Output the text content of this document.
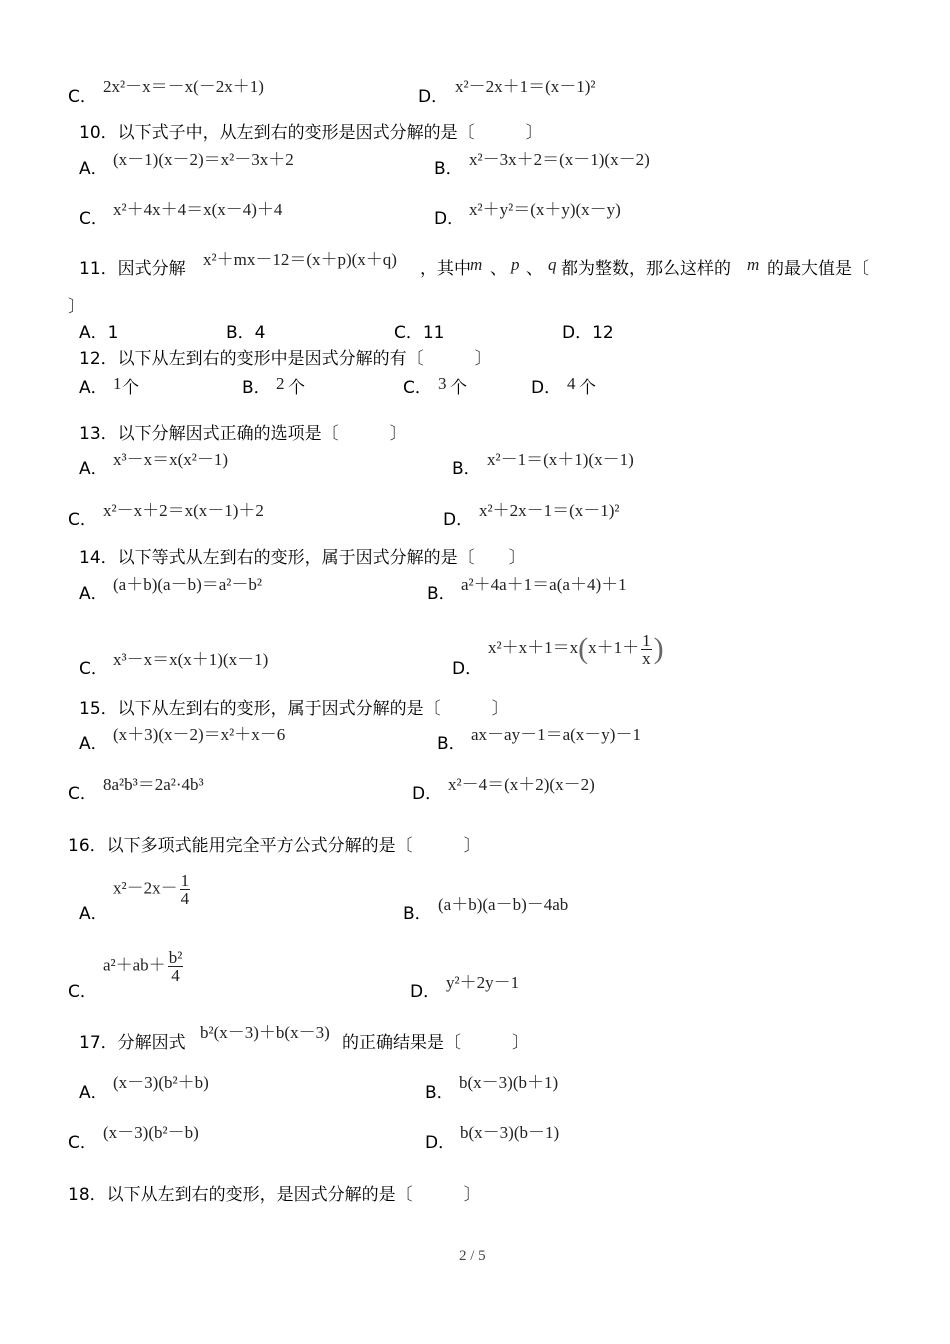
C．
2x²－x＝－x(－2x＋1)
D．
x²－2x＋1＝(x－1)²
10．以下式子中，从左到右的变形是因式分解的是〔　　　〕
A． (x－1)(x－2)＝x²－3x＋2	B． x²－3x＋2＝(x－1)(x－2)
C． x²＋4x＋4＝x(x－4)＋4	D． x²＋y²＝(x＋y)(x－y)
11．因式分解 x²＋mx－12＝(x＋p)(x＋q) ，其中 m 、 p 、 q 都为整数，那么这样的 m 的最大值是〔
〕
A．1	B．4	C．11	D．12
12．以下从左到右的变形中是因式分解的有〔　　　〕
A． 1 个	B． 2 个	C． 3 个	D． 4 个
13．以下分解因式正确的选项是〔　　　〕
A． x³－x＝x(x²－1)	B． x²－1＝(x＋1)(x－1)
C． x²－x＋2＝x(x－1)＋2	D． x²＋2x－1＝(x－1)²
14．以下等式从左到右的变形，属于因式分解的是〔　　〕
A． (a＋b)(a－b)＝a²－b²	B． a²＋4a＋1＝a(a＋4)＋1
C． x³－x＝x(x＋1)(x－1)	D．
$x^2+x+1=x(x+1+ \frac{1}{x}$ )
15．以下从左到右的变形，属于因式分解的是〔　　　〕
A． (x＋3)(x－2)＝x²＋x－6	B． ax－ay－1＝a(x－y)－1
C． 8a²b³＝2a²·4b³	D． x²－4＝(x＋2)(x－2)
16．以下多项式能用完全平方公式分解的是〔　　　〕
A．
$x^2-2x- \frac{1}{4}$
B． (a＋b)(a－b)－4ab
C．
$a^2+ab+ \frac{\text{b²}}{4}$
D． y²＋2y－1
17．分解因式
b²(x－3)＋b(x－3)
的正确结果是〔　　　〕
A．
(x－3)(b²＋b)
B．
b(x－3)(b＋1)
C．
(x－3)(b²－b)
D．
b(x－3)(b－1)
18．以下从左到右的变形，是因式分解的是〔　　　〕
2 / 5
